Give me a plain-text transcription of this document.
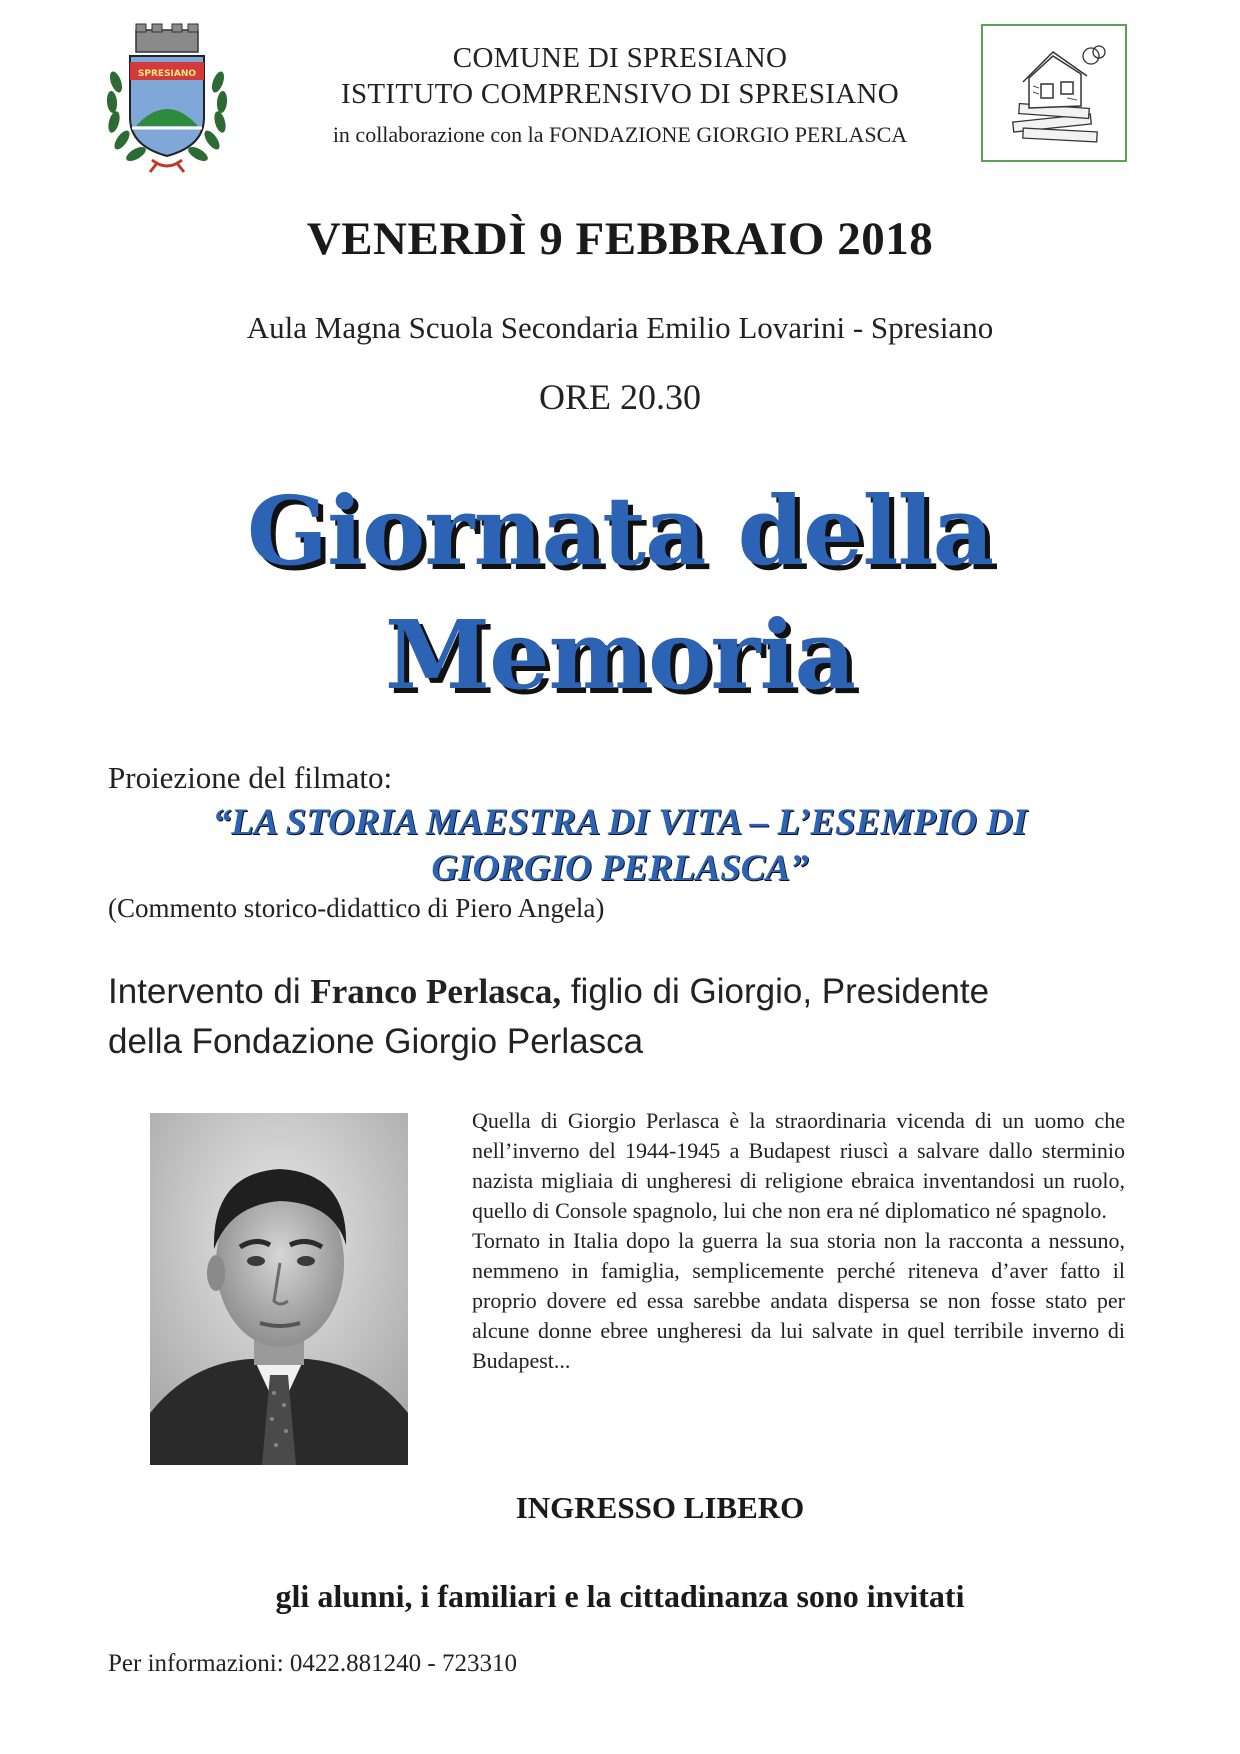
SPRESIANO	COMUNE DI SPRESIANO
ISTITUTO COMPRENSIVO DI SPRESIANO
in collaborazione con la FONDAZIONE GIORGIO PERLASCA
VENERDÌ 9 FEBBRAIO 2018
Aula Magna Scuola Secondaria Emilio Lovarini - Spresiano
ORE 20.30
Giornata della
Memoria
Proiezione del filmato:
“LA STORIA MAESTRA DI VITA – L’ESEMPIO DI
GIORGIO PERLASCA”
(Commento storico-didattico di Piero Angela)
Intervento di Franco Perlasca, figlio di Giorgio, Presidente
della Fondazione Giorgio Perlasca

Quella di Giorgio Perlasca è la straordinaria vicenda di un uomo che nell’inverno del 1944-1945 a Budapest riuscì a salvare dallo sterminio nazista migliaia di ungheresi di religione ebraica inventandosi un ruolo, quello di Console spagnolo, lui che non era né diplomatico né spagnolo.

Tornato in Italia dopo la guerra la sua storia non la racconta a nessuno, nemmeno in famiglia, semplicemente perché riteneva d’aver fatto il proprio dovere ed essa sarebbe andata dispersa se non fosse stato per alcune donne ebree ungheresi da lui salvate in quel terribile inverno di Budapest...

INGRESSO LIBERO
gli alunni, i familiari e la cittadinanza sono invitati
Per informazioni: 0422.881240 - 723310
